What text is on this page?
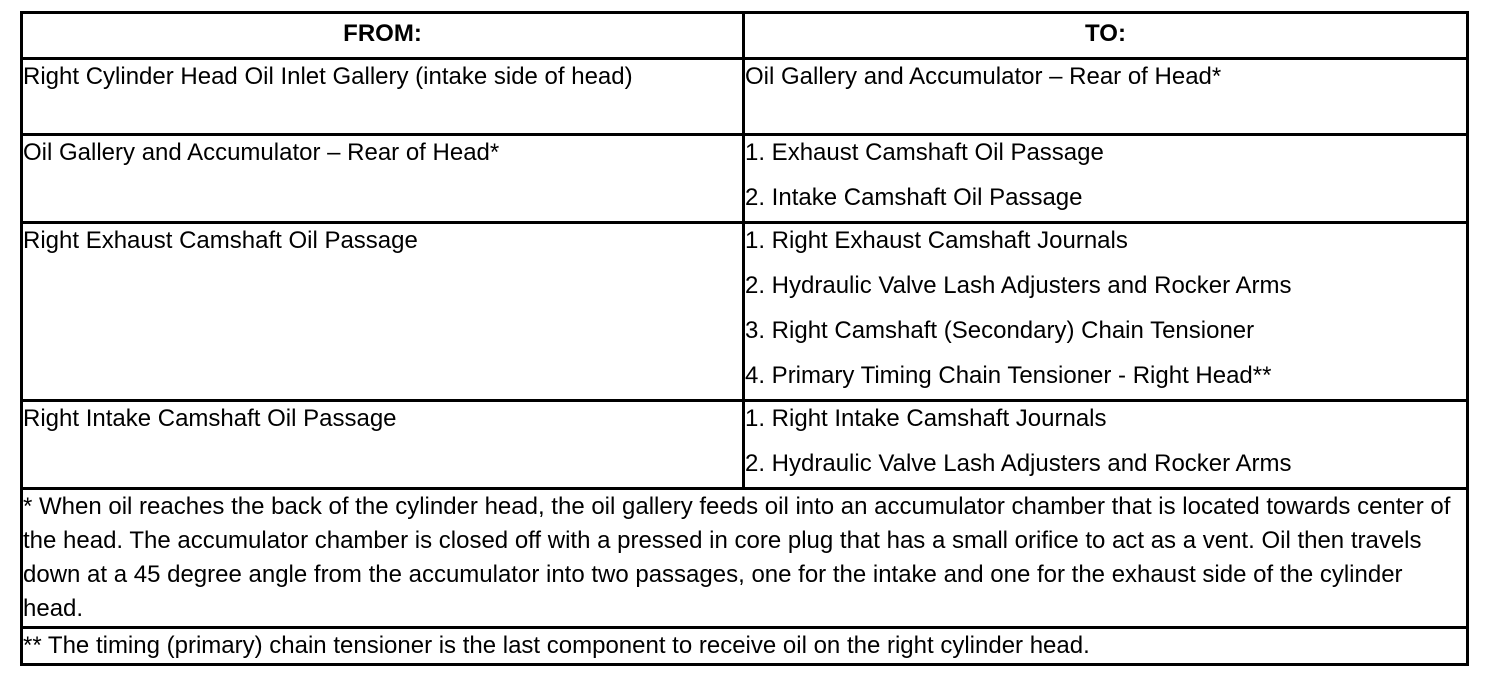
FROM:	TO:
Right Cylinder Head Oil Inlet Gallery (intake side of head)	Oil Gallery and Accumulator – Rear of Head*

Oil Gallery and Accumulator – Rear of Head*	1. Exhaust Camshaft Oil Passage
2. Intake Camshaft Oil Passage

Right Exhaust Camshaft Oil Passage	1. Right Exhaust Camshaft Journals
2. Hydraulic Valve Lash Adjusters and Rocker Arms
3. Right Camshaft (Secondary) Chain Tensioner
4. Primary Timing Chain Tensioner - Right Head**

Right Intake Camshaft Oil Passage	1. Right Intake Camshaft Journals
2. Hydraulic Valve Lash Adjusters and Rocker Arms

* When oil reaches the back of the cylinder head, the oil gallery feeds oil into an accumulator chamber that is located towards center of the head. The accumulator chamber is closed off with a pressed in core plug that has a small orifice to act as a vent. Oil then travels down at a 45 degree angle from the accumulator into two passages, one for the intake and one for the exhaust side of the cylinder head.	
** The timing (primary) chain tensioner is the last component to receive oil on the right cylinder head.	
